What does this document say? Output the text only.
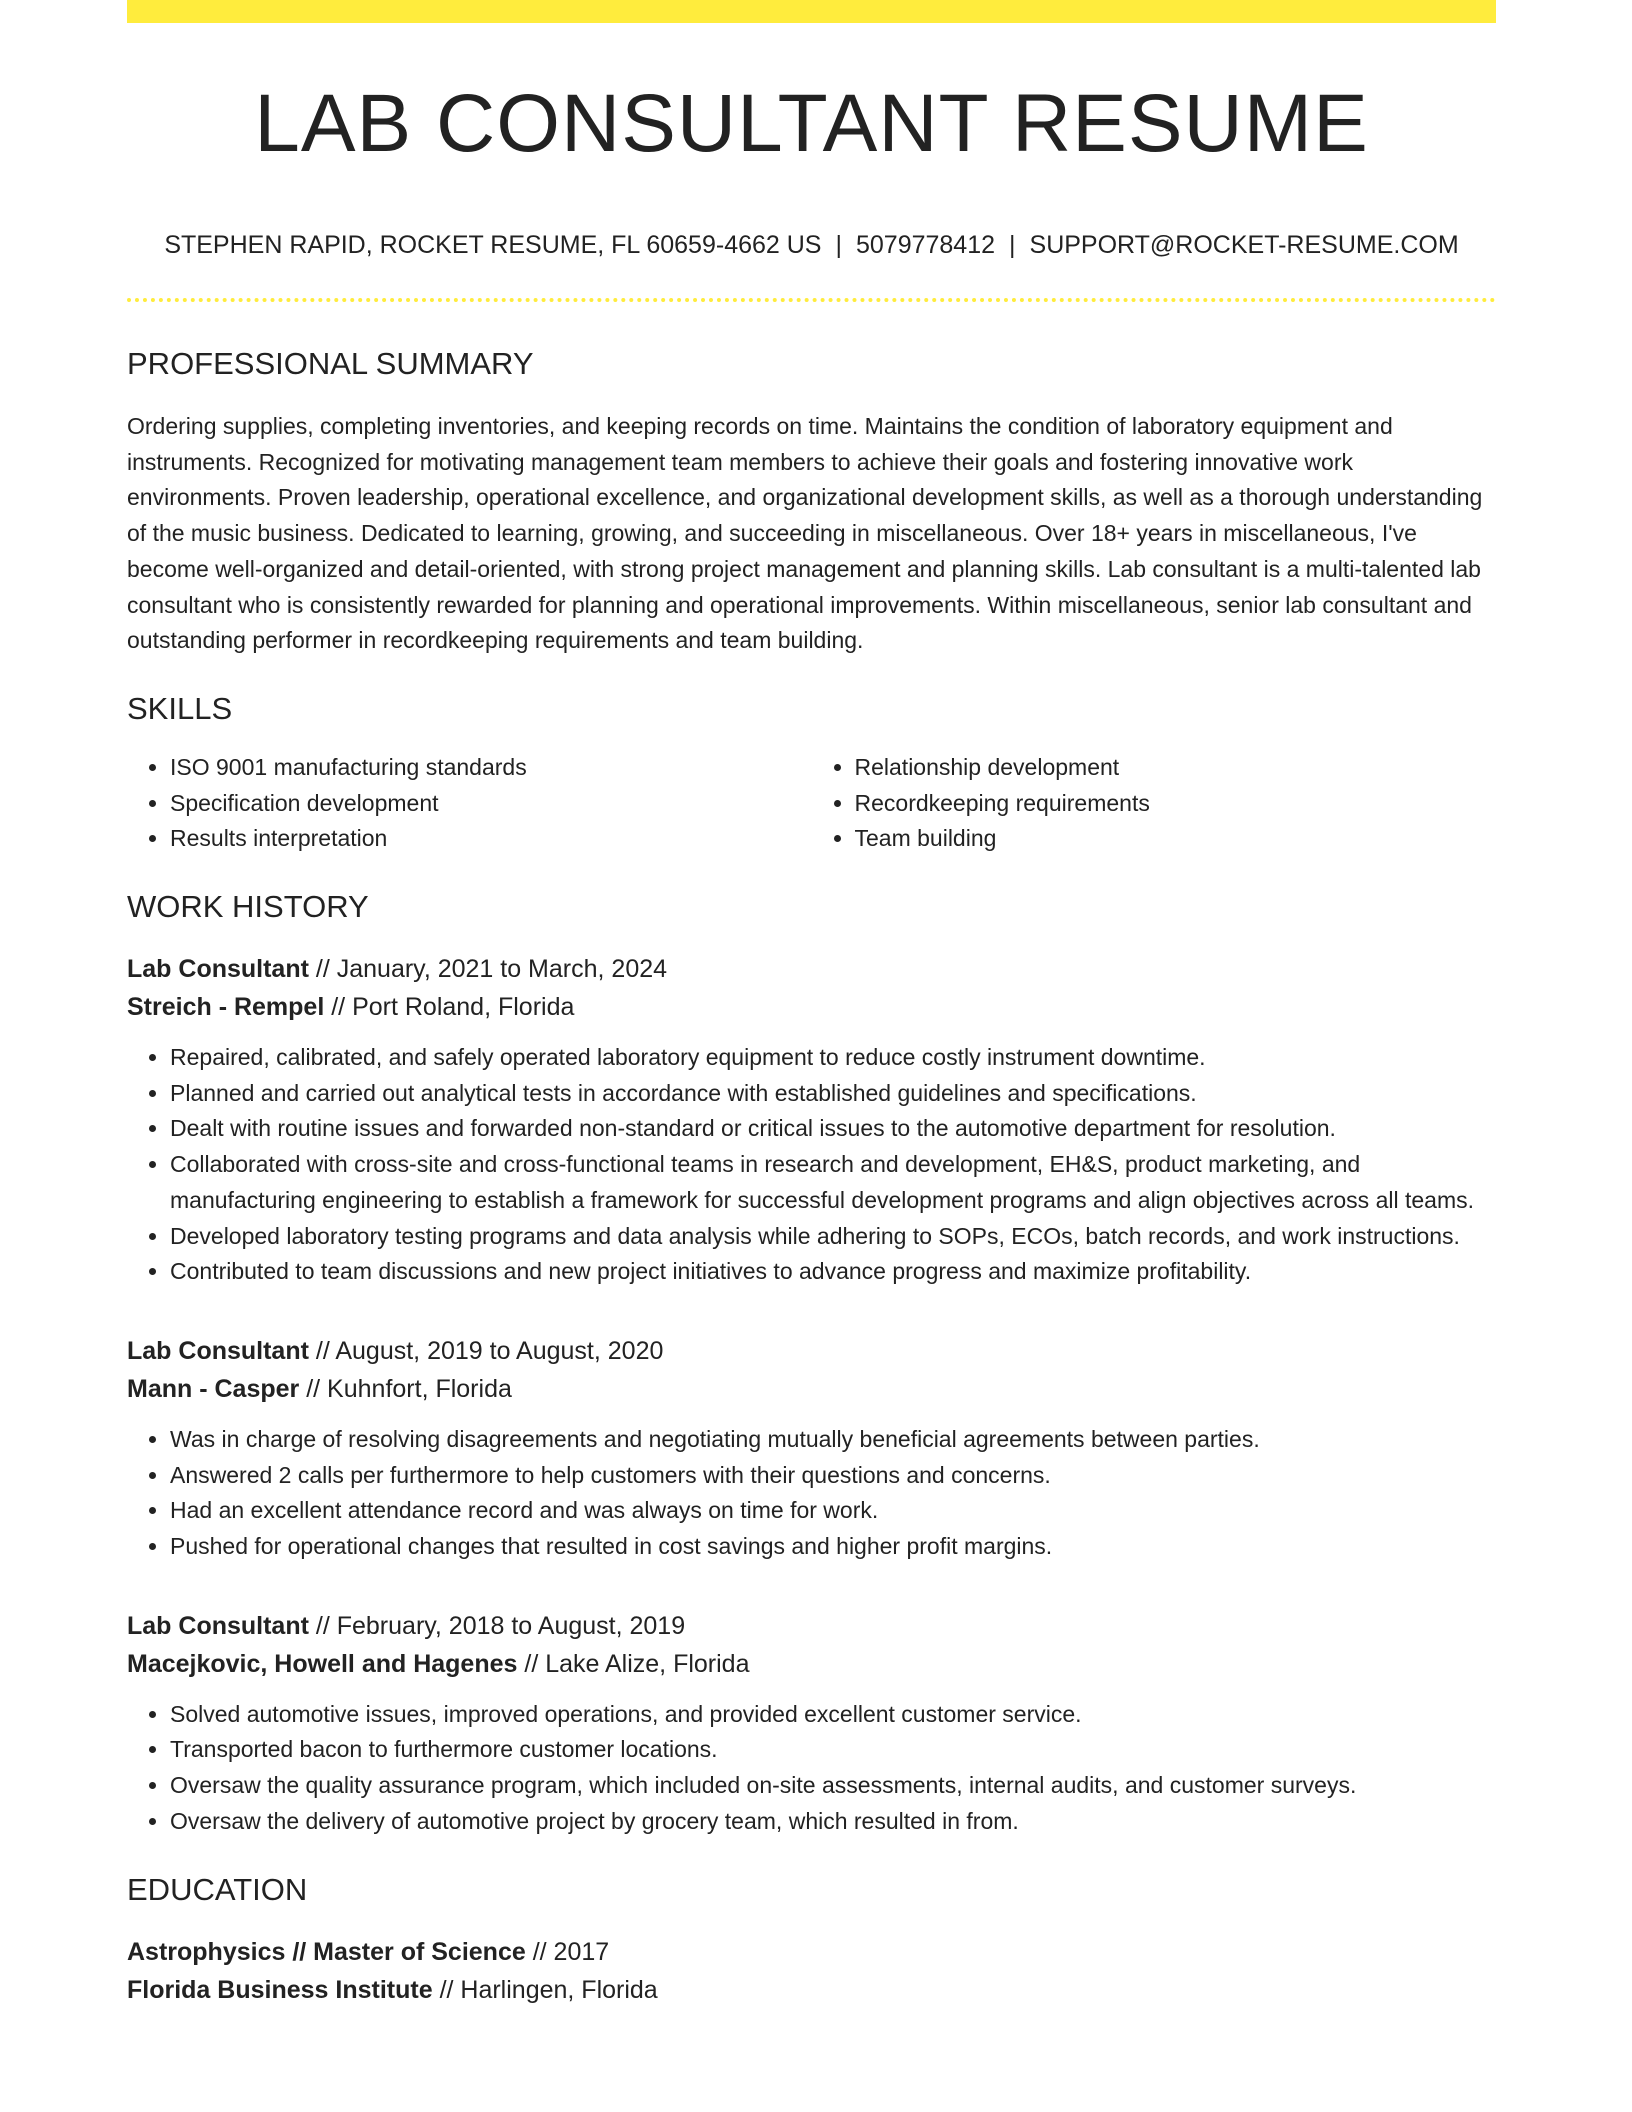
LAB CONSULTANT RESUME
STEPHEN RAPID, ROCKET RESUME, FL 60659-4662 US | 5079778412 | SUPPORT@ROCKET-RESUME.COM
PROFESSIONAL SUMMARY

Ordering supplies, completing inventories, and keeping records on time. Maintains the condition of laboratory equipment and instruments. Recognized for motivating management team members to achieve their goals and fostering innovative work environments. Proven leadership, operational excellence, and organizational development skills, as well as a thorough understanding of the music business. Dedicated to learning, growing, and succeeding in miscellaneous. Over 18+ years in miscellaneous, I've become well-organized and detail-oriented, with strong project management and planning skills. Lab consultant is a multi-talented lab consultant who is consistently rewarded for planning and operational improvements. Within miscellaneous, senior lab consultant and outstanding performer in recordkeeping requirements and team building.

SKILLS
• ISO 9001 manufacturing standards
• Specification development
• Results interpretation
• Relationship development
• Recordkeeping requirements
• Team building
WORK HISTORY
Lab Consultant // January, 2021 to March, 2024
Streich - Rempel // Port Roland, Florida
• Repaired, calibrated, and safely operated laboratory equipment to reduce costly instrument downtime.
• Planned and carried out analytical tests in accordance with established guidelines and specifications.
• Dealt with routine issues and forwarded non-standard or critical issues to the automotive department for resolution.
• Collaborated with cross-site and cross-functional teams in research and development, EH&S, product marketing, and manufacturing engineering to establish a framework for successful development programs and align objectives across all teams.
• Developed laboratory testing programs and data analysis while adhering to SOPs, ECOs, batch records, and work instructions.
• Contributed to team discussions and new project initiatives to advance progress and maximize profitability.
Lab Consultant // August, 2019 to August, 2020
Mann - Casper // Kuhnfort, Florida
• Was in charge of resolving disagreements and negotiating mutually beneficial agreements between parties.
• Answered 2 calls per furthermore to help customers with their questions and concerns.
• Had an excellent attendance record and was always on time for work.
• Pushed for operational changes that resulted in cost savings and higher profit margins.
Lab Consultant // February, 2018 to August, 2019
Macejkovic, Howell and Hagenes // Lake Alize, Florida
• Solved automotive issues, improved operations, and provided excellent customer service.
• Transported bacon to furthermore customer locations.
• Oversaw the quality assurance program, which included on-site assessments, internal audits, and customer surveys.
• Oversaw the delivery of automotive project by grocery team, which resulted in from.
EDUCATION
Astrophysics // Master of Science // 2017
Florida Business Institute // Harlingen, Florida
